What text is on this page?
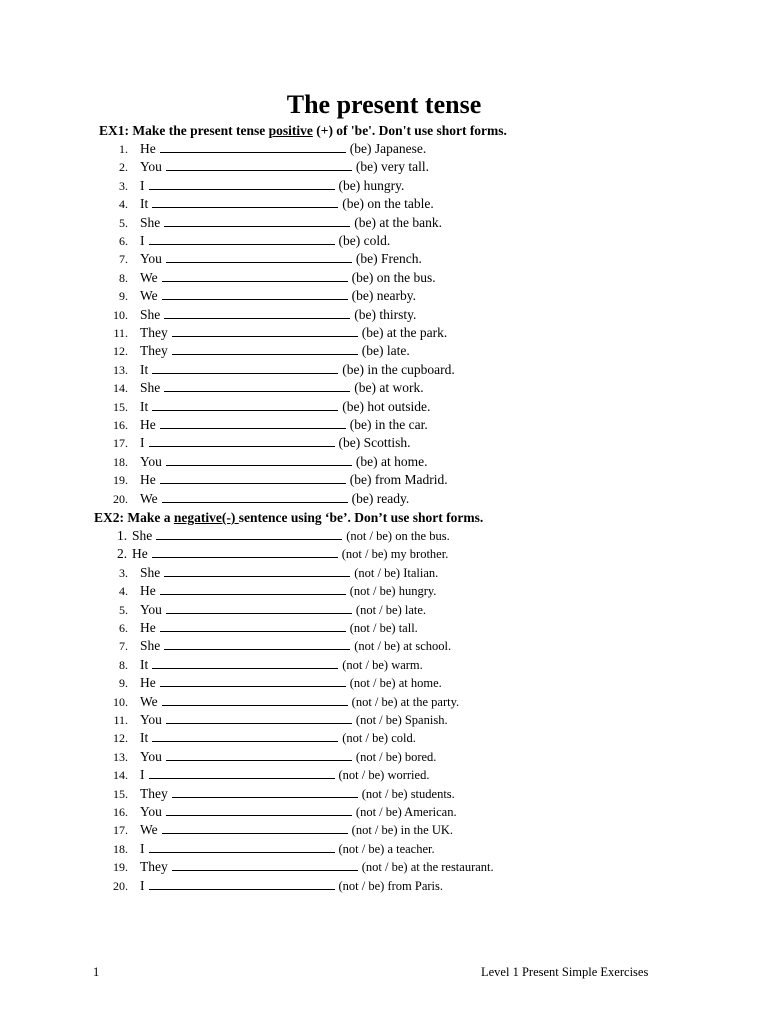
The present tense
EX1: Make the present tense positive (+) of 'be'. Don't use short forms.
1. He	(be) Japanese.
2. You	(be) very tall.
3. I	(be) hungry.
4. It	(be) on the table.
5. She	(be) at the bank.
6. I	(be) cold.
7. You	(be) French.
8. We	(be) on the bus.
9. We	(be) nearby.
10. She	(be) thirsty.
11. They	(be) at the park.
12. They	(be) late.
13. It	(be) in the cupboard.
14. She	(be) at work.
15. It	(be) hot outside.
16. He	(be) in the car.
17. I	(be) Scottish.
18. You	(be) at home.
19. He	(be) from Madrid.
20. We	(be) ready.
EX2: Make a negative(-) sentence using ‘be’. Don’t use short forms.
1. She	(not / be) on the bus.
2. He	(not / be) my brother.
3. She	(not / be) Italian.
4. He	(not / be) hungry.
5. You	(not / be) late.
6. He	(not / be) tall.
7. She	(not / be) at school.
8. It	(not / be) warm.
9. He	(not / be) at home.
10. We	(not / be) at the party.
11. You	(not / be) Spanish.
12. It	(not / be) cold.
13. You	(not / be) bored.
14. I	(not / be) worried.
15. They	(not / be) students.
16. You	(not / be) American.
17. We	(not / be) in the UK.
18. I	(not / be) a teacher.
19. They	(not / be) at the restaurant.
20. I	(not / be) from Paris.
1	Level 1 Present Simple Exercises
